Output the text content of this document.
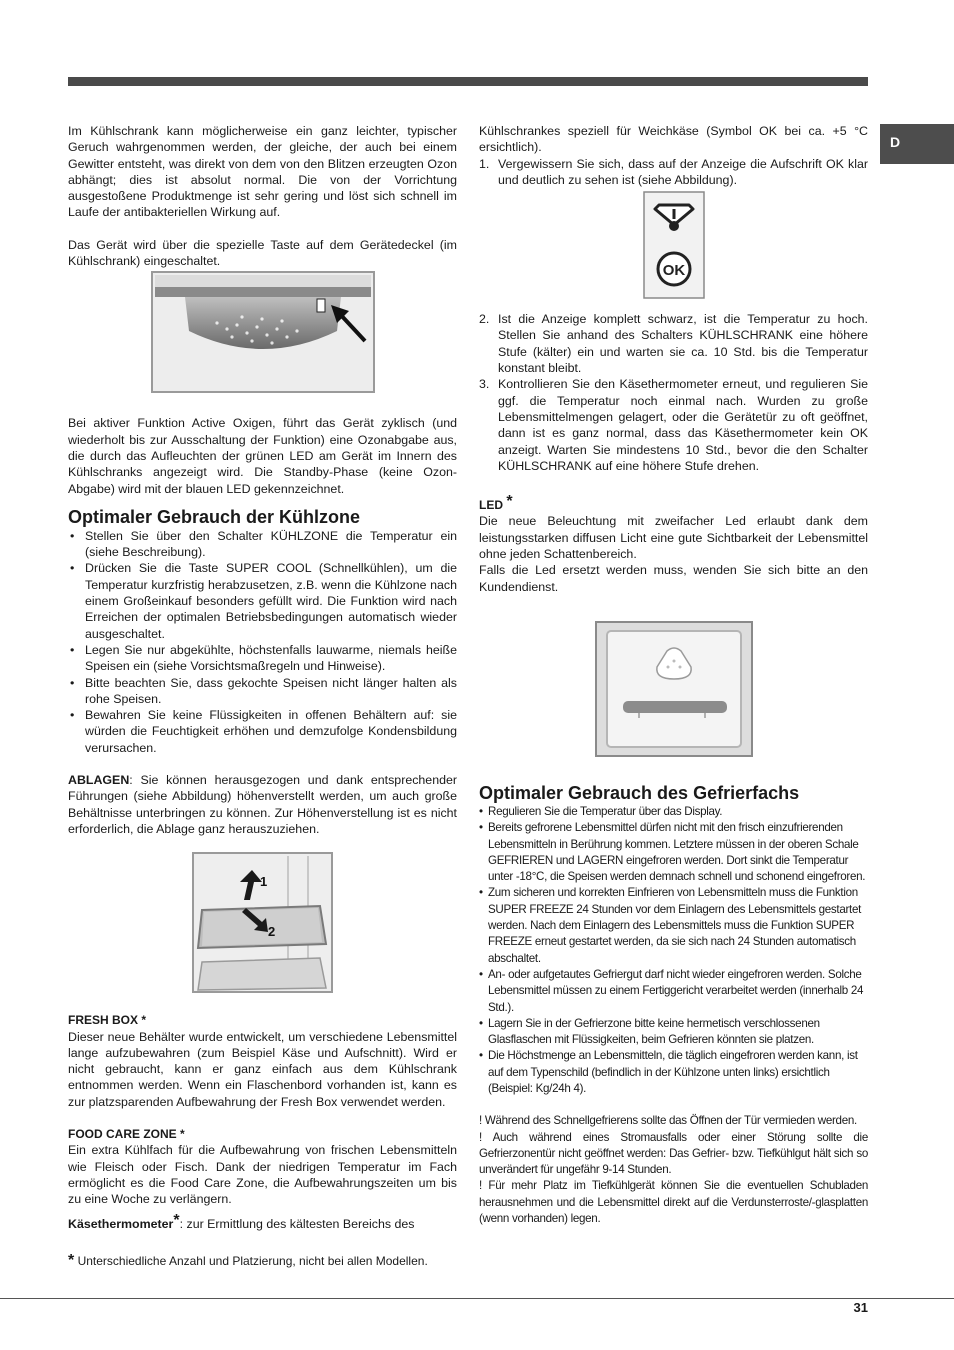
D

Im Kühlschrank kann möglicherweise ein ganz leichter, typischer Geruch wahrgenommen werden, der gleiche, der auch bei einem Gewitter entsteht, was direkt von dem von den Blitzen erzeugten Ozon abhängt; dies ist absolut normal. Die von der Vorrichtung ausgestoßene Produktmenge ist sehr gering und löst sich schnell im Laufe der antibakteriellen Wirkung auf.

Das Gerät wird über die spezielle Taste auf dem Gerätedeckel (im Kühlschrank) eingeschaltet.

Bei aktiver Funktion Active Oxigen, führt das Gerät zyklisch (und wiederholt bis zur Ausschaltung der Funktion) eine Ozonabgabe aus, die durch das Aufleuchten der grünen LED am Gerät im Innern des Kühlschranks angezeigt wird. Die Standby-Phase (keine Ozon-Abgabe) wird mit der blauen LED gekennzeichnet.

Optimaler Gebrauch der Kühlzone
• Stellen Sie über den Schalter KÜHLZONE die Temperatur ein (siehe Beschreibung).
• Drücken Sie die Taste SUPER COOL (Schnellkühlen), um die Temperatur kurzfristig herabzusetzen, z.B. wenn die Kühlzone nach einem Großeinkauf besonders gefüllt wird. Die Funktion wird nach Erreichen der optimalen Betriebsbedingungen automatisch wieder ausgeschaltet.
• Legen Sie nur abgekühlte, höchstenfalls lauwarme, niemals heiße Speisen ein (siehe Vorsichtsmaßregeln und Hinweise).
• Bitte beachten Sie, dass gekochte Speisen nicht länger halten als rohe Speisen.
• Bewahren Sie keine Flüssigkeiten in offenen Behältern auf: sie würden die Feuchtigkeit erhöhen und demzufolge Kondensbildung verursachen.

ABLAGEN: Sie können herausgezogen und dank entsprechender Führungen (siehe Abbildung) höhenverstellt werden, um auch große Behältnisse unterbringen zu können. Zur Höhenverstellung ist es nicht erforderlich, die Ablage ganz herauszuziehen.

1
2

FRESH BOX *

Dieser neue Behälter wurde entwickelt, um verschiedene Lebensmittel lange aufzubewahren (zum Beispiel Käse und Aufschnitt). Wird er nicht gebraucht, kann er ganz einfach aus dem Kühlschrank entnommen werden. Wenn ein Flaschenbord vorhanden ist, kann es zur platzsparenden Aufbewahrung der Fresh Box verwendet werden.

FOOD CARE ZONE *

Ein extra Kühlfach für die Aufbewahrung von frischen Lebensmitteln wie Fleisch oder Fisch. Dank der niedrigen Temperatur im Fach ermöglicht es die Food Care Zone, die Aufbewahrungszeiten um bis zu eine Woche zu verlängern.

Käsethermometer*: zur Ermittlung des kältesten Bereichs des

* Unterschiedliche Anzahl und Platzierung, nicht bei allen Modellen.

Kühlschrankes speziell für Weichkäse (Symbol OK bei ca. +5 °C ersichtlich).

1. Vergewissern Sie sich, dass auf der Anzeige die Aufschrift OK klar und deutlich zu sehen ist (siehe Abbildung).
OK
2. Ist die Anzeige komplett schwarz, ist die Temperatur zu hoch. Stellen Sie anhand des Schalters KÜHLSCHRANK eine höhere Stufe (kälter) ein und warten sie ca. 10 Std. bis die Temperatur konstant bleibt.
3. Kontrollieren Sie den Käsethermometer erneut, und regulieren Sie ggf. die Temperatur noch einmal nach. Wurden zu große Lebensmittelmengen gelagert, oder die Gerätetür zu oft geöffnet, dann ist es ganz normal, dass das Käsethermometer kein OK anzeigt. Warten Sie mindestens 10 Std., bevor die den Schalter KÜHLSCHRANK auf eine höhere Stufe drehen.

LED *

Die neue Beleuchtung mit zweifacher Led erlaubt dank dem leistungsstarken diffusen Licht eine gute Sichtbarkeit der Lebensmittel ohne jeden Schattenbereich.

Falls die Led ersetzt werden muss, wenden Sie sich bitte an den Kundendienst.

Optimaler Gebrauch des Gefrierfachs
• Regulieren Sie die Temperatur über das Display.
• Bereits gefrorene Lebensmittel dürfen nicht mit den frisch einzufrierenden Lebensmitteln in Berührung kommen. Letztere müssen in der oberen Schale GEFRIEREN und LAGERN eingefroren werden. Dort sinkt die Temperatur unter -18°C, die Speisen werden demnach schnell und schonend eingefroren.
• Zum sicheren und korrekten Einfrieren von Lebensmitteln muss die Funktion SUPER FREEZE 24 Stunden vor dem Einlagern des Lebensmittels gestartet werden. Nach dem Einlagern des Lebensmittels muss die Funktion SUPER FREEZE erneut gestartet werden, da sie sich nach 24 Stunden automatisch abschaltet.
• An- oder aufgetautes Gefriergut darf nicht wieder eingefroren werden. Solche Lebensmittel müssen zu einem Fertiggericht verarbeitet werden (innerhalb 24 Std.).
• Lagern Sie in der Gefrierzone bitte keine hermetisch verschlossenen Glasflaschen mit Flüssigkeiten, beim Gefrieren könnten sie platzen.
• Die Höchstmenge an Lebensmitteln, die täglich eingefroren werden kann, ist auf dem Typenschild (befindlich in der Kühlzone unten links) ersichtlich (Beispiel: Kg/24h 4).

! Während des Schnellgefrierens sollte das Öffnen der Tür vermieden werden.

! Auch während eines Stromausfalls oder einer Störung sollte die Gefrierzonentür nicht geöffnet werden: Das Gefrier- bzw. Tiefkühlgut hält sich so unverändert für ungefähr 9-14 Stunden.

! Für mehr Platz im Tiefkühlgerät können Sie die eventuellen Schubladen herausnehmen und die Lebensmittel direkt auf die Verdunsterroste/-glasplatten (wenn vorhanden) legen.

31
